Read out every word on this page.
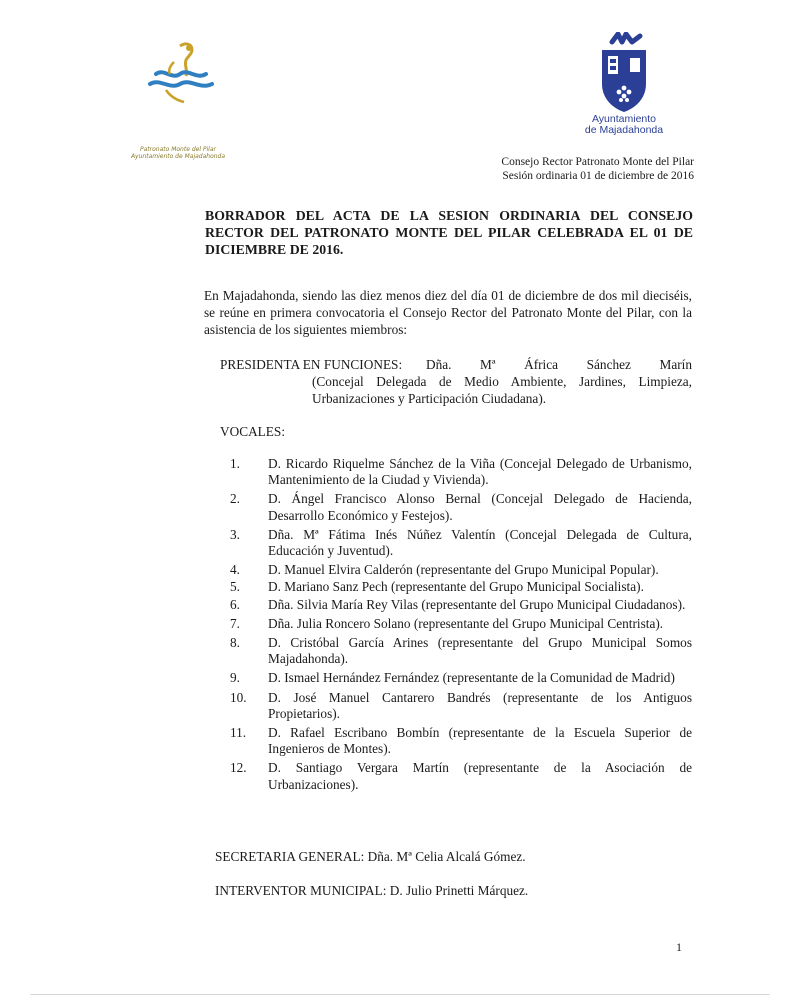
Patronato Monte del Pilar
Ayuntamiento de Majadahonda
Ayuntamiento
de Majadahonda
Consejo Rector Patronato Monte del Pilar
Sesión ordinaria 01 de diciembre de 2016
BORRADOR DEL ACTA DE LA SESION ORDINARIA DEL CONSEJO RECTOR DEL PATRONATO MONTE DEL PILAR CELEBRADA EL 01 DE DICIEMBRE DE 2016.
En Majadahonda, siendo las diez menos diez del día 01 de diciembre de dos mil dieciséis, se reúne en primera convocatoria el Consejo Rector del Patronato Monte del Pilar, con la asistencia de los siguientes miembros:
PRESIDENTA EN FUNCIONES: Dña. Mª África Sánchez Marín
(Concejal Delegada de Medio Ambiente, Jardines, Limpieza, Urbanizaciones y Participación Ciudadana).
VOCALES:
1.	D. Ricardo Riquelme Sánchez de la Viña (Concejal Delegado de Urbanismo, Mantenimiento de la Ciudad y Vivienda).
2.	D. Ángel Francisco Alonso Bernal (Concejal Delegado de Hacienda, Desarrollo Económico y Festejos).
3.	Dña. Mª Fátima Inés Núñez Valentín (Concejal Delegada de Cultura, Educación y Juventud).
4.	D. Manuel Elvira Calderón (representante del Grupo Municipal Popular).
5.	D. Mariano Sanz Pech (representante del Grupo Municipal Socialista).
6.	Dña. Silvia María Rey Vilas (representante del Grupo Municipal Ciudadanos).
7.	Dña. Julia Roncero Solano (representante del Grupo Municipal Centrista).
8.	D. Cristóbal García Arines (representante del Grupo Municipal Somos Majadahonda).
9.	D. Ismael Hernández Fernández (representante de la Comunidad de Madrid)
10.	D. José Manuel Cantarero Bandrés (representante de los Antiguos Propietarios).
11.	D. Rafael Escribano Bombín (representante de la Escuela Superior de Ingenieros de Montes).
12.	D. Santiago Vergara Martín (representante de la Asociación de Urbanizaciones).
SECRETARIA GENERAL: Dña. Mª Celia Alcalá Gómez.
INTERVENTOR MUNICIPAL: D. Julio Prinetti Márquez.
1
